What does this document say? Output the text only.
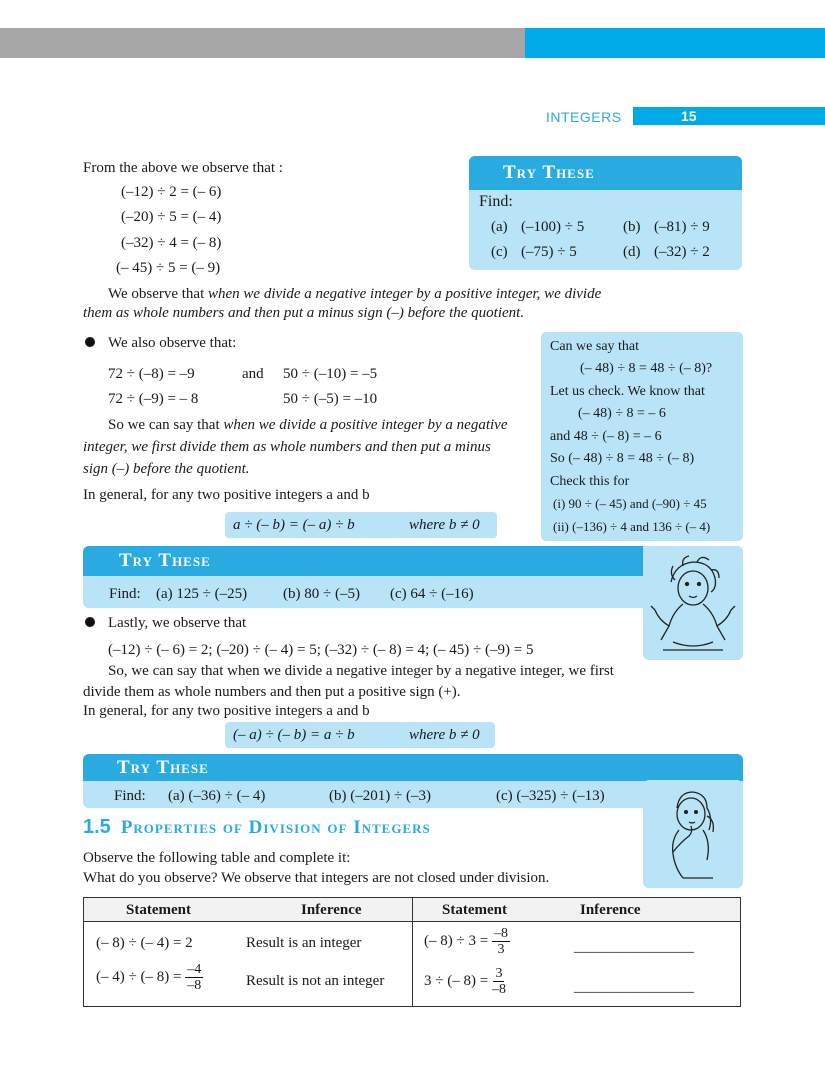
INTEGERS	15
From the above we observe that :
(–12) ÷ 2 = (– 6)
(–20) ÷ 5 = (– 4)
(–32) ÷ 4 = (– 8)
(– 45) ÷ 5 = (– 9)
We observe that when we divide a negative integer by a positive integer, we divide
them as whole numbers and then put a minus sign (–) before the quotient.
Try These
Find:
(a) (–100) ÷ 5	(b) (–81) ÷ 9
(c) (–75) ÷ 5	(d) (–32) ÷ 2
We also observe that:
72 ÷ (–8) = –9	and 50 ÷ (–10) = –5
72 ÷ (–9) = – 8	50 ÷ (–5) = –10
So we can say that when we divide a positive integer by a negative
integer, we first divide them as whole numbers and then put a minus
sign (–) before the quotient.
In general, for any two positive integers a and b
a ÷ (– b) = (– a) ÷ b	where b ≠ 0
Can we say that
(– 48) ÷ 8 = 48 ÷ (– 8)?
Let us check. We know that
(– 48) ÷ 8 = – 6
and 48 ÷ (– 8) = – 6
So (– 48) ÷ 8 = 48 ÷ (– 8)
Check this for
(i) 90 ÷ (– 45) and (–90) ÷ 45
(ii) (–136) ÷ 4 and 136 ÷ (– 4)
Try These
Find: (a) 125 ÷ (–25) (b) 80 ÷ (–5) (c) 64 ÷ (–16)
Lastly, we observe that
(–12) ÷ (– 6) = 2; (–20) ÷ (– 4) = 5; (–32) ÷ (– 8) = 4; (– 45) ÷ (–9) = 5
So, we can say that when we divide a negative integer by a negative integer, we first
divide them as whole numbers and then put a positive sign (+).
In general, for any two positive integers a and b
(– a) ÷ (– b) = a ÷ b	where b ≠ 0
Try These
Find: (a) (–36) ÷ (– 4)	(b) (–201) ÷ (–3)	(c) (–325) ÷ (–13)
1.5 Properties of Division of Integers
Observe the following table and complete it:
What do you observe? We observe that integers are not closed under division.
Statement	Inference	Statement	Inference
(– 8) ÷ (– 4) = 2	Result is an integer	(– $8) \div 3 = \frac{-8}{3}$	________________
(– 4) ÷ (– $8) = \frac{-4}{-8}$	Result is not an integer	3 ÷ (– $8) = \frac{3}{-8}$	________________
